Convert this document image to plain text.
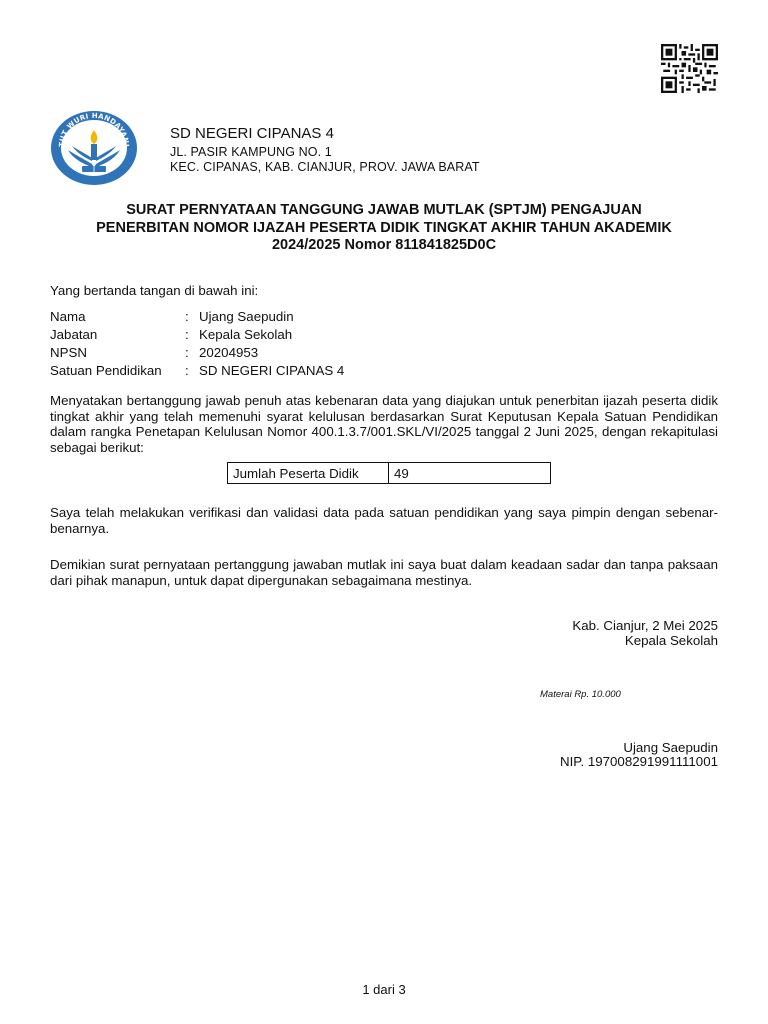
TUT WURI HANDAYANI
SD NEGERI CIPANAS 4
JL. PASIR KAMPUNG NO. 1
KEC. CIPANAS, KAB. CIANJUR, PROV. JAWA BARAT
SURAT PERNYATAAN TANGGUNG JAWAB MUTLAK (SPTJM) PENGAJUAN
PENERBITAN NOMOR IJAZAH PESERTA DIDIK TINGKAT AKHIR TAHUN AKADEMIK
2024/2025 Nomor 811841825D0C
Yang bertanda tangan di bawah ini:
Nama	: Ujang Saepudin
Jabatan	: Kepala Sekolah
NPSN	: 20204953
Satuan Pendidikan : SD NEGERI CIPANAS 4
Menyatakan bertanggung jawab penuh atas kebenaran data yang diajukan untuk penerbitan ijazah peserta didik tingkat akhir yang telah memenuhi syarat kelulusan berdasarkan Surat Keputusan Kepala Satuan Pendidikan dalam rangka Penetapan Kelulusan Nomor 400.1.3.7/001.SKL/VI/2025 tanggal 2 Juni 2025, dengan rekapitulasi sebagai berikut:
Jumlah Peserta Didik	49
Saya telah melakukan verifikasi dan validasi data pada satuan pendidikan yang saya pimpin dengan sebenar-benarnya.
Demikian surat pernyataan pertanggung jawaban mutlak ini saya buat dalam keadaan sadar dan tanpa paksaan dari pihak manapun, untuk dapat dipergunakan sebagaimana mestinya.
Kab. Cianjur, 2 Mei 2025
Kepala Sekolah
Materai Rp. 10.000
Ujang Saepudin
NIP. 197008291991111001
1 dari 3
